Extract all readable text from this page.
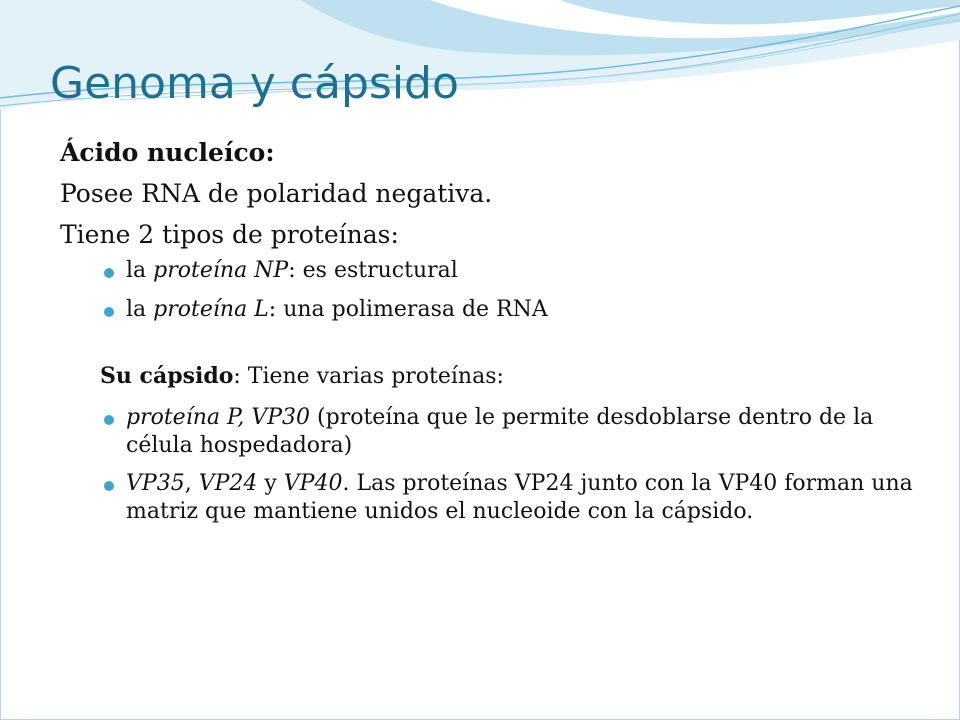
Genoma y cápsido
Ácido nucleíco:
Posee RNA de polaridad negativa.
Tiene 2 tipos de proteínas:
la proteína NP: es estructural
la proteína L: una polimerasa de RNA
Su cápsido: Tiene varias proteínas:
proteína P, VP30 (proteína que le permite desdoblarse dentro de la célula hospedadora)
VP35, VP24 y VP40. Las proteínas VP24 junto con la VP40 forman una matriz que mantiene unidos el nucleoide con la cápsido.
